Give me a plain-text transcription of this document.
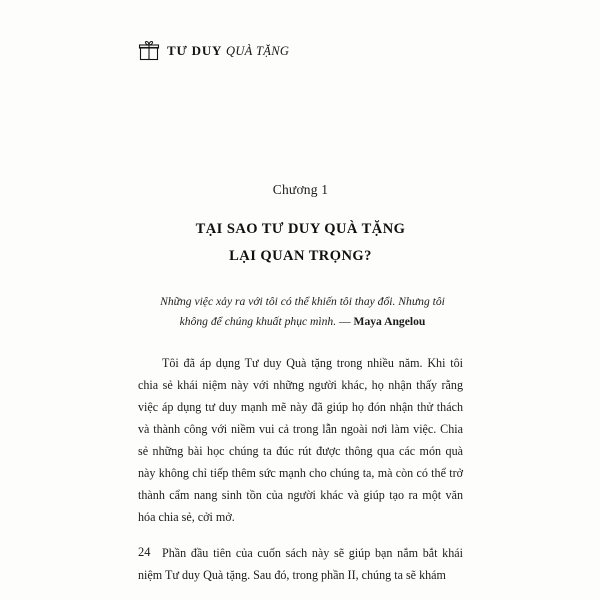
TƯ DUY QUÀ TẶNG
Chương 1
TẠI SAO TƯ DUY QUÀ TẶNG
LẠI QUAN TRỌNG?
Những việc xảy ra với tôi có thể khiến tôi thay đổi. Nhưng tôi không để chúng khuất phục mình. — Maya Angelou

Tôi đã áp dụng Tư duy Quà tặng trong nhiều năm. Khi tôi chia sẻ khái niệm này với những người khác, họ nhận thấy rằng việc áp dụng tư duy mạnh mẽ này đã giúp họ đón nhận thử thách và thành công với niềm vui cả trong lẫn ngoài nơi làm việc. Chia sẻ những bài học chúng ta đúc rút được thông qua các món quà này không chỉ tiếp thêm sức mạnh cho chúng ta, mà còn có thể trở thành cẩm nang sinh tồn của người khác và giúp tạo ra một văn hóa chia sẻ, cởi mở.

Phần đầu tiên của cuốn sách này sẽ giúp bạn nắm bắt khái niệm Tư duy Quà tặng. Sau đó, trong phần II, chúng ta sẽ khám

24
